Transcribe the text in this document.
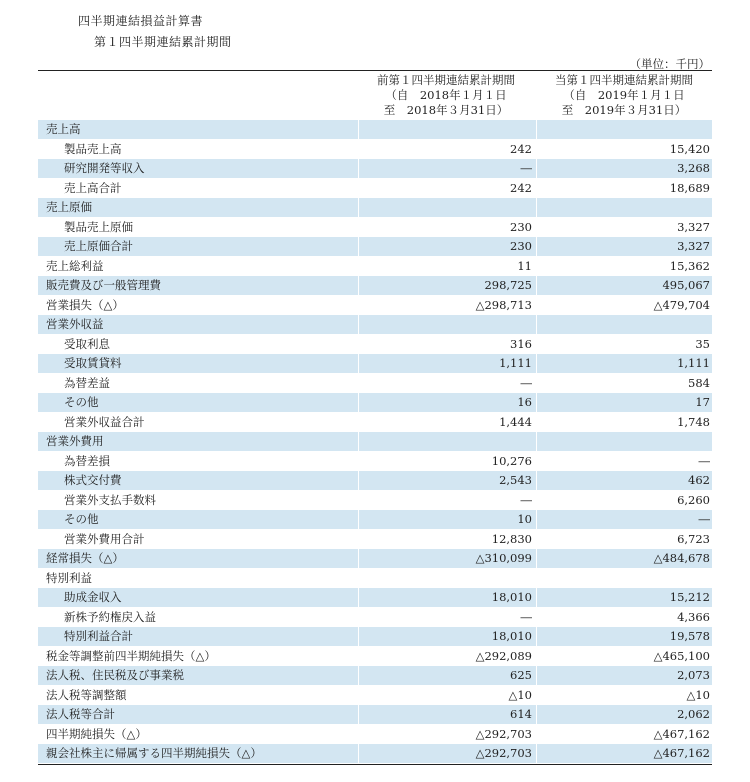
四半期連結損益計算書
第１四半期連結累計期間
（単位：千円）
前第１四半期連結累計期間
（自　2018年１月１日
至　2018年３月31日）
当第１四半期連結累計期間
（自　2019年１月１日
至　2019年３月31日）
売上高
製品売上高	242	15,420
研究開発等収入	―	3,268
売上高合計	242	18,689
売上原価
製品売上原価	230	3,327
売上原価合計	230	3,327
売上総利益	11	15,362
販売費及び一般管理費	298,725	495,067
営業損失（△）	△298,713	△479,704
営業外収益
受取利息	316	35
受取賃貸料	1,111	1,111
為替差益	―	584
その他	16	17
営業外収益合計	1,444	1,748
営業外費用
為替差損	10,276	―
株式交付費	2,543	462
営業外支払手数料	―	6,260
その他	10	―
営業外費用合計	12,830	6,723
経常損失（△）	△310,099	△484,678
特別利益
助成金収入	18,010	15,212
新株予約権戻入益	―	4,366
特別利益合計	18,010	19,578
税金等調整前四半期純損失（△）	△292,089	△465,100
法人税、住民税及び事業税	625	2,073
法人税等調整額	△10	△10
法人税等合計	614	2,062
四半期純損失（△）	△292,703	△467,162
親会社株主に帰属する四半期純損失（△）	△292,703	△467,162
